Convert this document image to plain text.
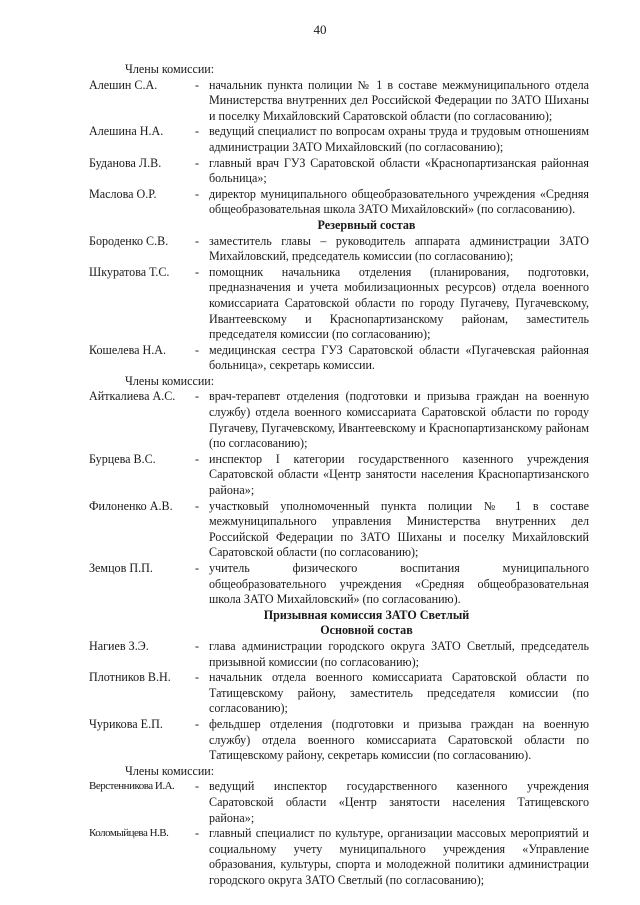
40
Члены комиссии:
Алешин С.А.	- начальник пункта полиции № 1 в составе межмуниципального отдела Министерства внутренних дел Российской Федерации по ЗАТО Шиханы и поселку Михайловский Саратовской области (по согласованию);
Алешина Н.А.	- ведущий специалист по вопросам охраны труда и трудовым отношениям администрации ЗАТО Михайловский (по согласованию);
Буданова Л.В.	- главный врач ГУЗ Саратовской области «Краснопартизанская районная больница»;
Маслова О.Р.	- директор муниципального общеобразовательного учреждения «Средняя общеобразовательная школа ЗАТО Михайловский» (по согласованию).
Резервный состав
Бороденко С.В.	- заместитель главы – руководитель аппарата администрации ЗАТО Михайловский, председатель комиссии (по согласованию);
Шкуратова Т.С.	- помощник начальника отделения (планирования, подготовки, предназначения и учета мобилизационных ресурсов) отдела военного комиссариата Саратовской области по городу Пугачеву, Пугачевскому, Ивантеевскому и Краснопартизанскому районам, заместитель председателя комиссии (по согласованию);
Кошелева Н.А.	- медицинская сестра ГУЗ Саратовской области «Пугачевская районная больница», секретарь комиссии.
Члены комиссии:
Айткалиева А.С.	- врач-терапевт отделения (подготовки и призыва граждан на военную службу) отдела военного комиссариата Саратовской области по городу Пугачеву, Пугачевскому, Ивантеевскому и Краснопартизанскому районам (по согласованию);
Бурцева В.С.	- инспектор I категории государственного казенного учреждения Саратовской области «Центр занятости населения Краснопартизанского района»;
Филоненко А.В.	- участковый уполномоченный пункта полиции № 1 в составе межмуниципального управления Министерства внутренних дел Российской Федерации по ЗАТО Шиханы и поселку Михайловский Саратовской области (по согласованию);
Земцов П.П.	- учитель физического воспитания муниципального общеобразовательного учреждения «Средняя общеобразовательная школа ЗАТО Михайловский» (по согласованию).
Призывная комиссия ЗАТО Светлый
Основной состав
Нагиев З.Э.	- глава администрации городского округа ЗАТО Светлый, председатель призывной комиссии (по согласованию);
Плотников В.Н.	- начальник отдела военного комиссариата Саратовской области по Татищевскому району, заместитель председателя комиссии (по согласованию);
Чурикова Е.П.	- фельдшер отделения (подготовки и призыва граждан на военную службу) отдела военного комиссариата Саратовской области по Татищевскому району, секретарь комиссии (по согласованию).
Члены комиссии:
Верстенникова И.А.	- ведущий инспектор государственного казенного учреждения Саратовской области «Центр занятости населения Татищевского района»;
Коломыйцева Н.В.	- главный специалист по культуре, организации массовых мероприятий и социальному учету муниципального учреждения «Управление образования, культуры, спорта и молодежной политики администрации городского округа ЗАТО Светлый (по согласованию);
